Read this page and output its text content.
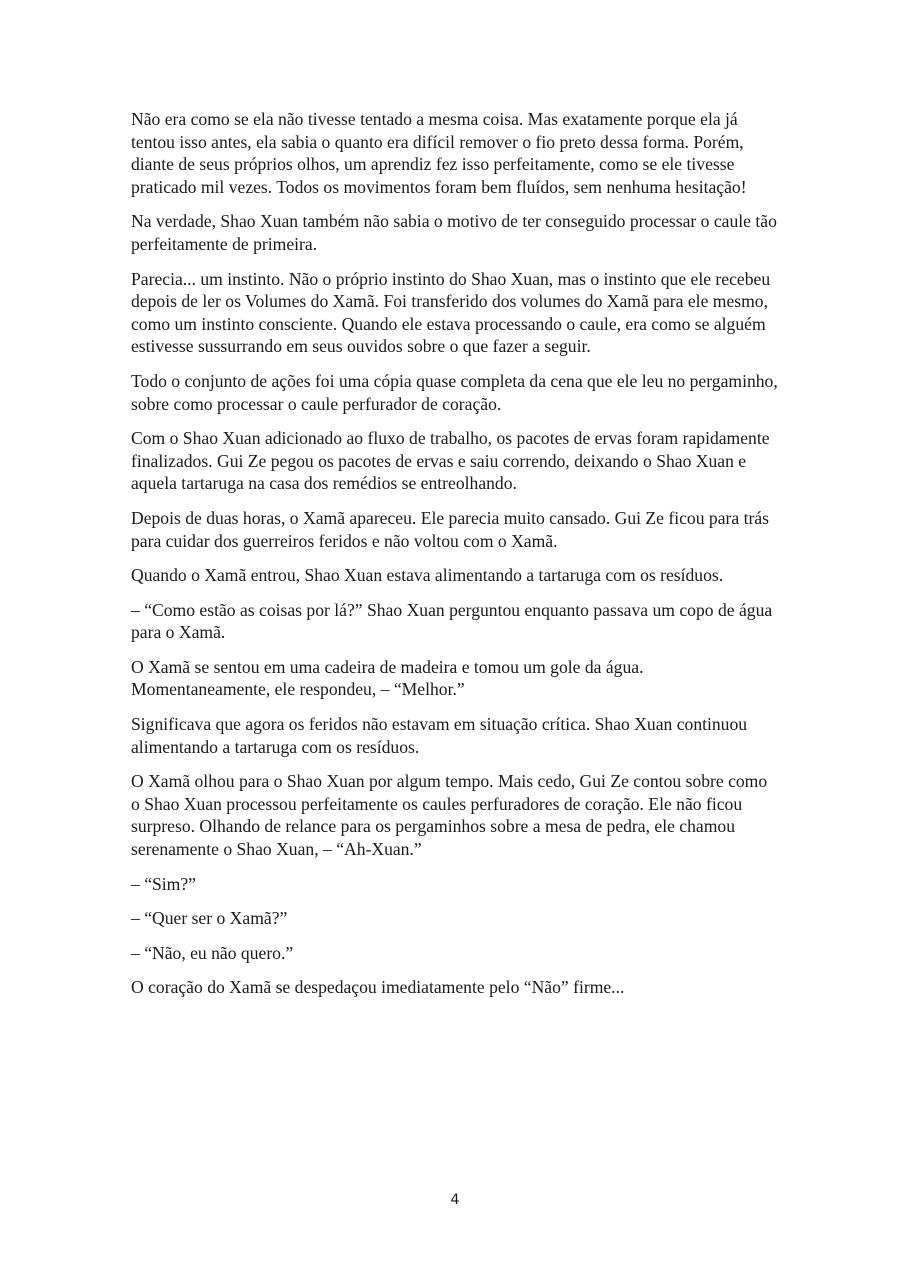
Não era como se ela não tivesse tentado a mesma coisa. Mas exatamente porque ela já tentou isso antes, ela sabia o quanto era difícil remover o fio preto dessa forma. Porém, diante de seus próprios olhos, um aprendiz fez isso perfeitamente, como se ele tivesse praticado mil vezes. Todos os movimentos foram bem fluídos, sem nenhuma hesitação!

Na verdade, Shao Xuan também não sabia o motivo de ter conseguido processar o caule tão perfeitamente de primeira.

Parecia... um instinto. Não o próprio instinto do Shao Xuan, mas o instinto que ele recebeu depois de ler os Volumes do Xamã. Foi transferido dos volumes do Xamã para ele mesmo, como um instinto consciente. Quando ele estava processando o caule, era como se alguém estivesse sussurrando em seus ouvidos sobre o que fazer a seguir.

Todo o conjunto de ações foi uma cópia quase completa da cena que ele leu no pergaminho, sobre como processar o caule perfurador de coração.

Com o Shao Xuan adicionado ao fluxo de trabalho, os pacotes de ervas foram rapidamente finalizados. Gui Ze pegou os pacotes de ervas e saiu correndo, deixando o Shao Xuan e aquela tartaruga na casa dos remédios se entreolhando.

Depois de duas horas, o Xamã apareceu. Ele parecia muito cansado. Gui Ze ficou para trás para cuidar dos guerreiros feridos e não voltou com o Xamã.

Quando o Xamã entrou, Shao Xuan estava alimentando a tartaruga com os resíduos.

– “Como estão as coisas por lá?” Shao Xuan perguntou enquanto passava um copo de água para o Xamã.

O Xamã se sentou em uma cadeira de madeira e tomou um gole da água. Momentaneamente, ele respondeu, – “Melhor.”

Significava que agora os feridos não estavam em situação crítica. Shao Xuan continuou alimentando a tartaruga com os resíduos.

O Xamã olhou para o Shao Xuan por algum tempo. Mais cedo, Gui Ze contou sobre como o Shao Xuan processou perfeitamente os caules perfuradores de coração. Ele não ficou surpreso. Olhando de relance para os pergaminhos sobre a mesa de pedra, ele chamou serenamente o Shao Xuan, – “Ah-Xuan.”

– “Sim?”

– “Quer ser o Xamã?”

– “Não, eu não quero.”

O coração do Xamã se despedaçou imediatamente pelo “Não” firme...

4
